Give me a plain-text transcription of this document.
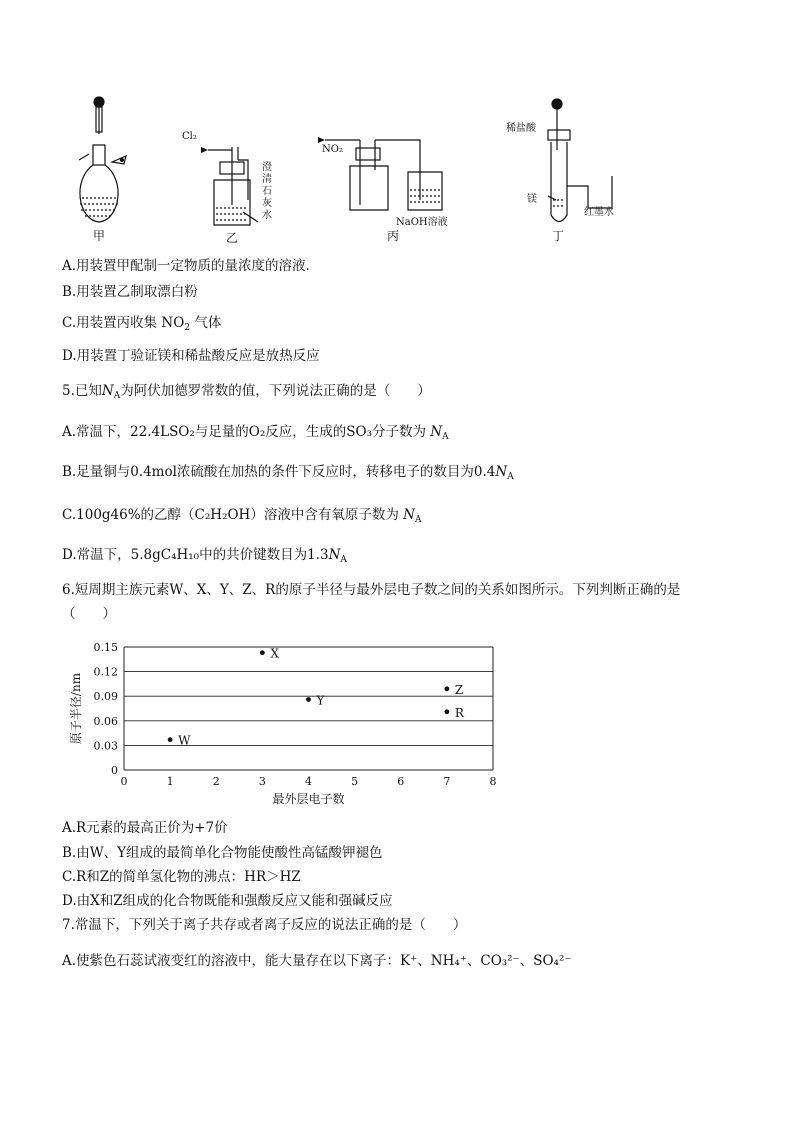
Cl₂
澄清石灰水
NO₂
NaOH溶液
稀盐酸
镁
红墨水
甲	乙	丙	丁
A.用装置甲配制一定物质的量浓度的溶液.
B.用装置乙制取漂白粉
C.用装置丙收集 $NO_2$ 气体
D.用装置丁验证镁和稀盐酸反应是放热反应
5.已知$N_A$为阿伏加德罗常数的值，下列说法正确的是（　　）
A.常温下，22.4LSO₂与足量的O₂反应，生成的SO₃分子数为 $N_A$
B.足量铜与0.4mol浓硫酸在加热的条件下反应时，转移电子的数目为$0.4N_A$
C.100g46%的乙醇（C₂H₂OH）溶液中含有氧原子数为 $N_A$
D.常温下，5.8gC₄H₁₀中的共价键数目为$1.3N_A$
6.短周期主族元素W、X、Y、Z、R的原子半径与最外层电子数之间的关系如图所示。下列判断正确的是
（　　）
0
0.03
0.06
0.09
0.12
0.15
0	1	2	3	4	5	6	7	8
最外层电子数
原子半径/nm	W
X
Y
Z
R
A.R元素的最高正价为+7价
B.由W、Y组成的最简单化合物能使酸性高锰酸钾褪色
C.R和Z的简单氢化物的沸点：HR＞HZ
D.由X和Z组成的化合物既能和强酸反应又能和强碱反应
7.常温下，下列关于离子共存或者离子反应的说法正确的是（　　）
A.使紫色石蕊试液变红的溶液中，能大量存在以下离子：K⁺、NH₄⁺、CO₃²⁻、SO₄²⁻
